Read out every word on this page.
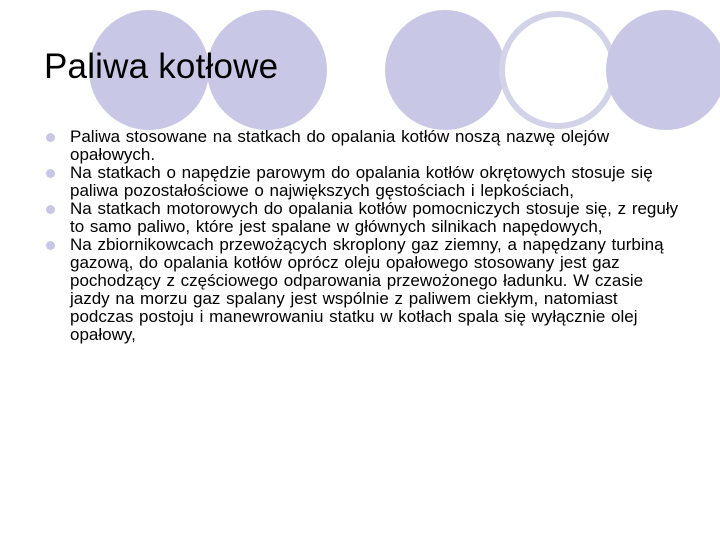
Paliwa kotłowe
Paliwa stosowane na statkach do opalania kotłów noszą nazwę olejów opałowych.
Na statkach o napędzie parowym do opalania kotłów okrętowych stosuje się paliwa pozostałościowe o największych gęstościach i lepkościach,
Na statkach motorowych do opalania kotłów pomocniczych stosuje się, z reguły to samo paliwo, które jest spalane w głównych silnikach napędowych,
Na zbiornikowcach przewożących skroplony gaz ziemny, a napędzany turbiną gazową, do opalania kotłów oprócz oleju opałowego stosowany jest gaz pochodzący z częściowego odparowania przewożonego ładunku. W czasie jazdy na morzu gaz spalany jest wspólnie z paliwem ciekłym, natomiast podczas postoju i manewrowaniu statku w kotłach spala się wyłącznie olej opałowy,
